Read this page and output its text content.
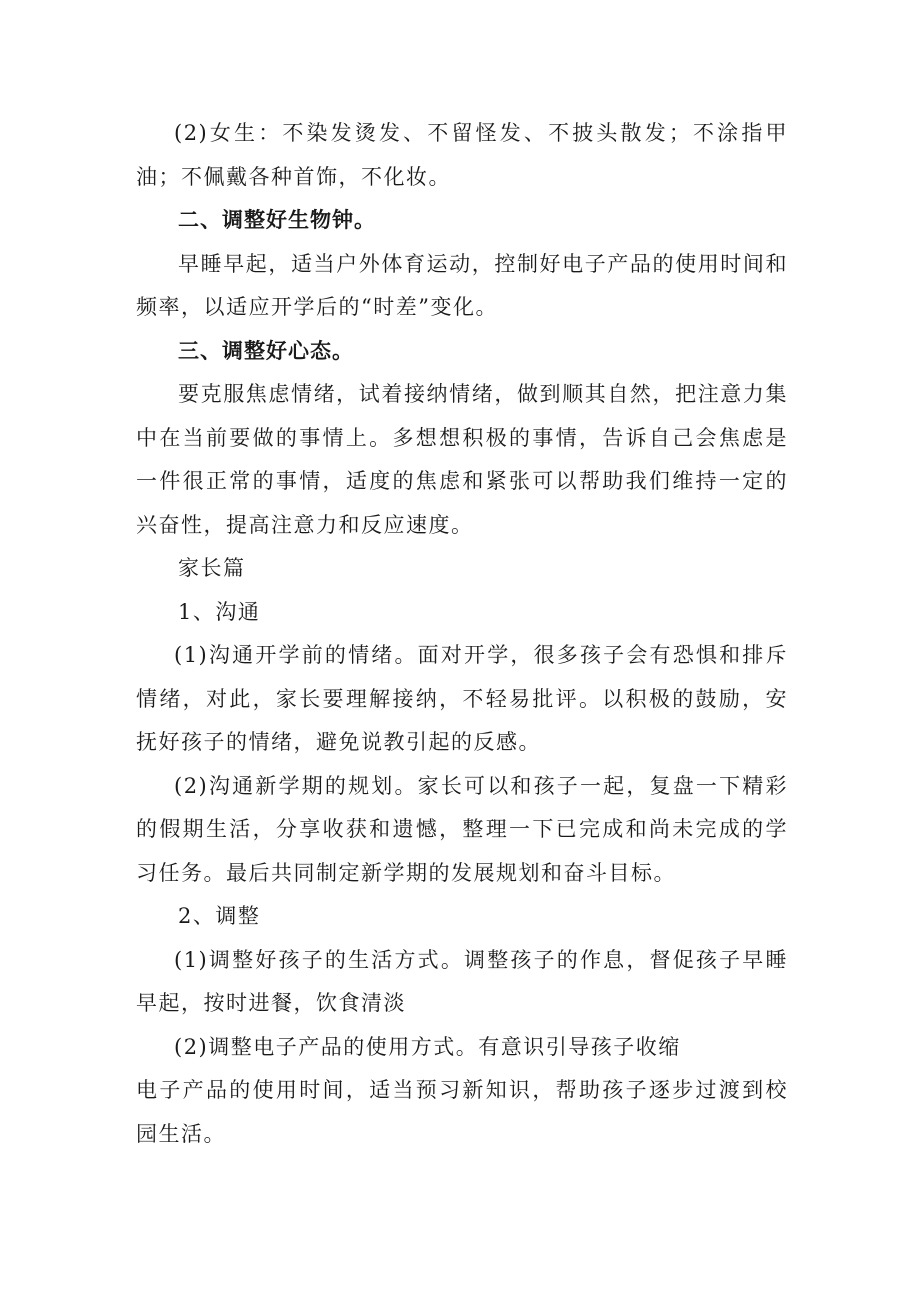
(2)女生：不染发烫发、不留怪发、不披头散发；不涂指甲油；不佩戴各种首饰，不化妆。

二、调整好生物钟。

早睡早起，适当户外体育运动，控制好电子产品的使用时间和频率，以适应开学后的“时差”变化。

三、调整好心态。

要克服焦虑情绪，试着接纳情绪，做到顺其自然，把注意力集中在当前要做的事情上。多想想积极的事情，告诉自己会焦虑是一件很正常的事情，适度的焦虑和紧张可以帮助我们维持一定的兴奋性，提高注意力和反应速度。

家长篇

1、沟通

(1)沟通开学前的情绪。面对开学，很多孩子会有恐惧和排斥情绪，对此，家长要理解接纳，不轻易批评。以积极的鼓励，安抚好孩子的情绪，避免说教引起的反感。

(2)沟通新学期的规划。家长可以和孩子一起，复盘一下精彩的假期生活，分享收获和遗憾，整理一下已完成和尚未完成的学习任务。最后共同制定新学期的发展规划和奋斗目标。

2、调整

(1)调整好孩子的生活方式。调整孩子的作息，督促孩子早睡早起，按时进餐，饮食清淡

(2)调整电子产品的使用方式。有意识引导孩子收缩

电子产品的使用时间，适当预习新知识，帮助孩子逐步过渡到校园生活。
